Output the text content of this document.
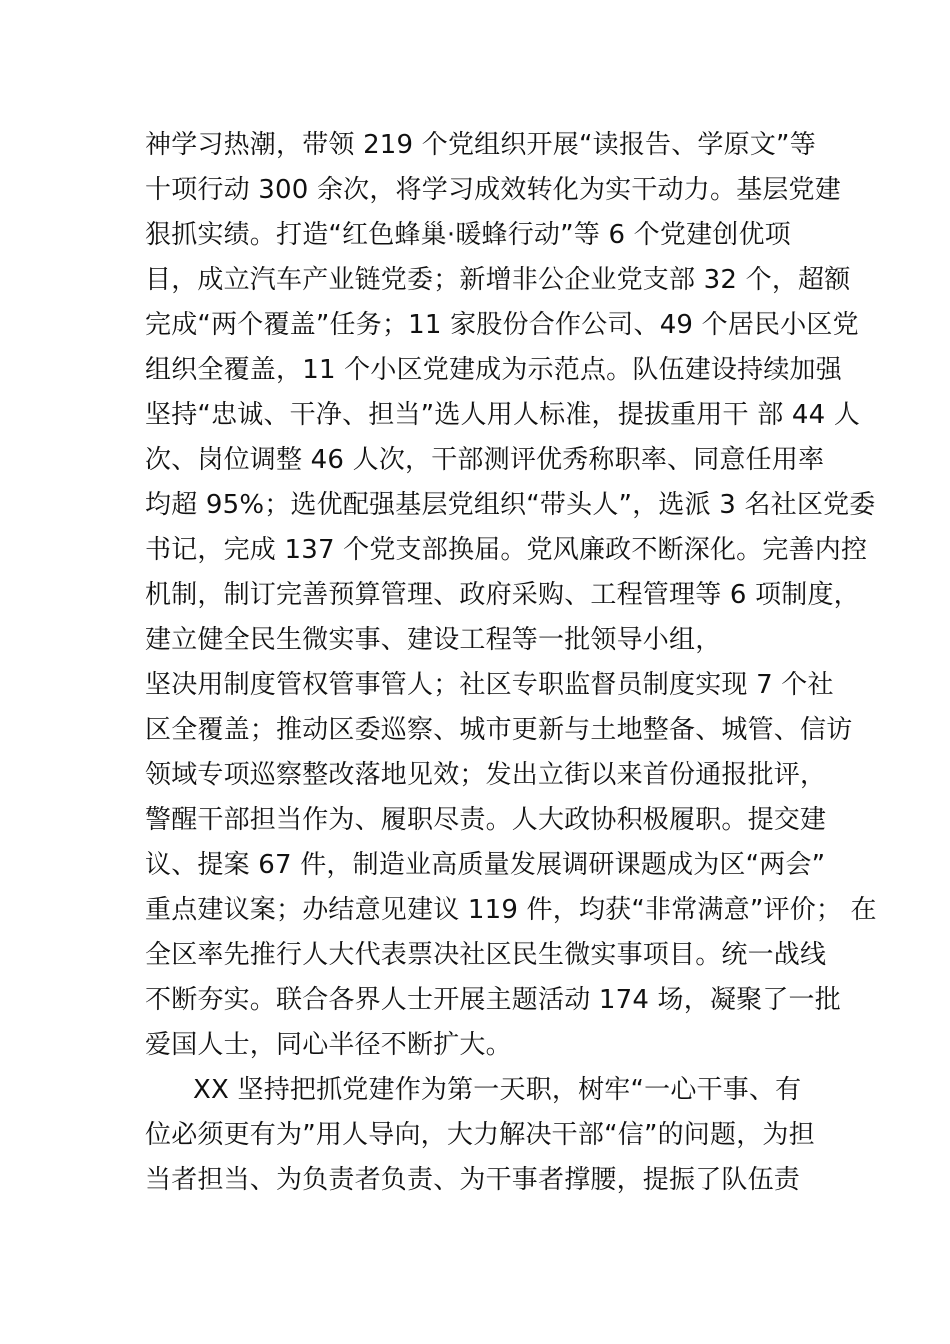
神学习热潮，带领 219 个党组织开展“读报告、学原文”等
十项行动 300 余次，将学习成效转化为实干动力。基层党建
狠抓实绩。打造“红色蜂巢·暖蜂行动”等 6 个党建创优项
目，成立汽车产业链党委；新增非公企业党支部 32 个，超额
完成“两个覆盖”任务；11 家股份合作公司、49 个居民小区党
组织全覆盖，11 个小区党建成为示范点。队伍建设持续加强
坚持“忠诚、干净、担当”选人用人标准，提拔重用干 部 44 人
次、岗位调整 46 人次，干部测评优秀称职率、同意任用率
均超 95%；选优配强基层党组织“带头人”，选派 3 名社区党委
书记，完成 137 个党支部换届。党风廉政不断深化。完善内控
机制，制订完善预算管理、政府采购、工程管理等 6 项制度，
建立健全民生微实事、建设工程等一批领导小组，
坚决用制度管权管事管人；社区专职监督员制度实现 7 个社
区全覆盖；推动区委巡察、城市更新与土地整备、城管、信访
领域专项巡察整改落地见效；发出立街以来首份通报批评，
警醒干部担当作为、履职尽责。人大政协积极履职。提交建
议、提案 67 件，制造业高质量发展调研课题成为区“两会”
重点建议案；办结意见建议 119 件，均获“非常满意”评价； 在
全区率先推行人大代表票决社区民生微实事项目。统一战线
不断夯实。联合各界人士开展主题活动 174 场，凝聚了一批
爱国人士，同心半径不断扩大。
XX 坚持把抓党建作为第一天职，树牢“一心干事、有
位必须更有为”用人导向，大力解决干部“信”的问题，为担
当者担当、为负责者负责、为干事者撑腰，提振了队伍责
